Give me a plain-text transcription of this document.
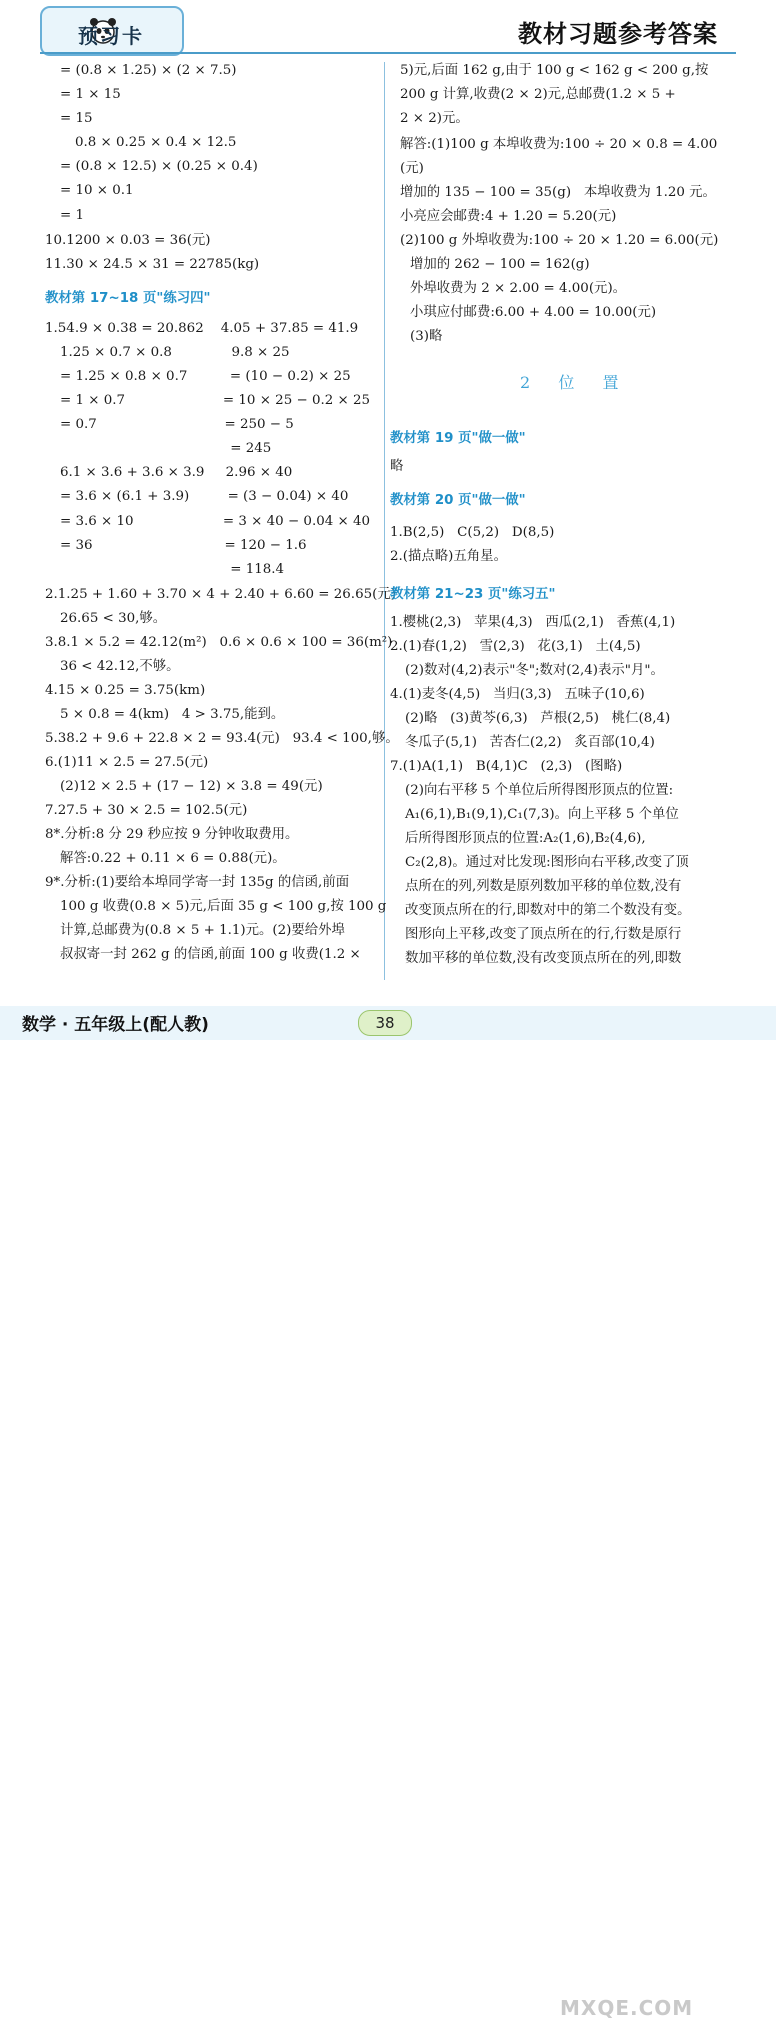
预习卡	教材习题参考答案
= (0.8 × 1.25) × (2 × 7.5)
= 1 × 15
= 15
0.8 × 0.25 × 0.4 × 12.5
= (0.8 × 12.5) × (0.25 × 0.4)
= 10 × 0.1
= 1
10.1200 × 0.03 = 36(元)
11.30 × 24.5 × 31 = 22785(kg)
教材第 17~18 页"练习四"
1.54.9 × 0.38 = 20.862    4.05 + 37.85 = 41.9
1.25 × 0.7 × 0.8              9.8 × 25
= 1.25 × 0.8 × 0.7          = (10 − 0.2) × 25
= 1 × 0.7                       = 10 × 25 − 0.2 × 25
= 0.7                              = 250 − 5
= 245
6.1 × 3.6 + 3.6 × 3.9     2.96 × 40
= 3.6 × (6.1 + 3.9)         = (3 − 0.04) × 40
= 3.6 × 10                     = 3 × 40 − 0.04 × 40
= 36                               = 120 − 1.6
= 118.4
2.1.25 + 1.60 + 3.70 × 4 + 2.40 + 6.60 = 26.65(元)
26.65 < 30,够。
3.8.1 × 5.2 = 42.12(m²)   0.6 × 0.6 × 100 = 36(m²)
36 < 42.12,不够。
4.15 × 0.25 = 3.75(km)
5 × 0.8 = 4(km)   4 > 3.75,能到。
5.38.2 + 9.6 + 22.8 × 2 = 93.4(元)   93.4 < 100,够。
6.(1)11 × 2.5 = 27.5(元)
(2)12 × 2.5 + (17 − 12) × 3.8 = 49(元)
7.27.5 + 30 × 2.5 = 102.5(元)
8*.分析:8 分 29 秒应按 9 分钟收取费用。
解答:0.22 + 0.11 × 6 = 0.88(元)。
9*.分析:(1)要给本埠同学寄一封 135g 的信函,前面
100 g 收费(0.8 × 5)元,后面 35 g < 100 g,按 100 g
计算,总邮费为(0.8 × 5 + 1.1)元。(2)要给外埠
叔叔寄一封 262 g 的信函,前面 100 g 收费(1.2 ×
5)元,后面 162 g,由于 100 g < 162 g < 200 g,按
200 g 计算,收费(2 × 2)元,总邮费(1.2 × 5 +
2 × 2)元。
解答:(1)100 g 本埠收费为:100 ÷ 20 × 0.8 = 4.00
(元)
增加的 135 − 100 = 35(g)   本埠收费为 1.20 元。
小亮应会邮费:4 + 1.20 = 5.20(元)
(2)100 g 外埠收费为:100 ÷ 20 × 1.20 = 6.00(元)
增加的 262 − 100 = 162(g)
外埠收费为 2 × 2.00 = 4.00(元)。
小琪应付邮费:6.00 + 4.00 = 10.00(元)
(3)略
2  位  置
教材第 19 页"做一做"
略
教材第 20 页"做一做"
1.B(2,5)   C(5,2)   D(8,5)
2.(描点略)五角星。
教材第 21~23 页"练习五"
1.樱桃(2,3)   苹果(4,3)   西瓜(2,1)   香蕉(4,1)
2.(1)春(1,2)   雪(2,3)   花(3,1)   土(4,5)
(2)数对(4,2)表示"冬";数对(2,4)表示"月"。
4.(1)麦冬(4,5)   当归(3,3)   五味子(10,6)
(2)略   (3)黄芩(6,3)   芦根(2,5)   桃仁(8,4)
冬瓜子(5,1)   苦杏仁(2,2)   炙百部(10,4)
7.(1)A(1,1)   B(4,1)C   (2,3)   (图略)
(2)向右平移 5 个单位后所得图形顶点的位置:
A₁(6,1),B₁(9,1),C₁(7,3)。向上平移 5 个单位
后所得图形顶点的位置:A₂(1,6),B₂(4,6),
C₂(2,8)。通过对比发现:图形向右平移,改变了顶
点所在的列,列数是原列数加平移的单位数,没有
改变顶点所在的行,即数对中的第二个数没有变。
图形向上平移,改变了顶点所在的行,行数是原行
数加平移的单位数,没有改变顶点所在的列,即数
数学 · 五年级上(配人教)	38
MXQE.COM
